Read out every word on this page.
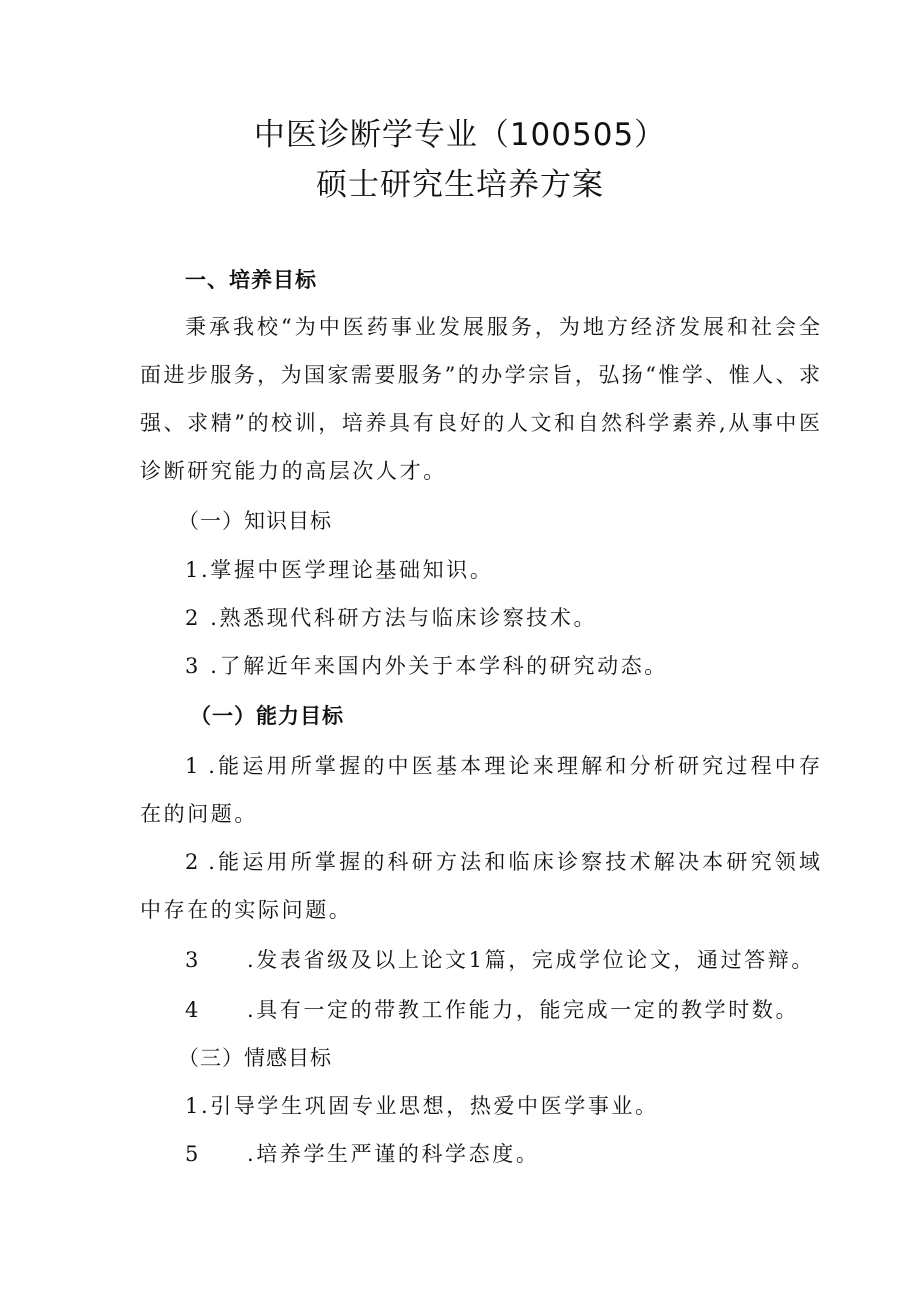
中医诊断学专业（100505）
硕士研究生培养方案
一、培养目标
秉承我校“为中医药事业发展服务，为地方经济发展和社会全
面进步服务，为国家需要服务”的办学宗旨，弘扬“惟学、惟人、求
强、求精”的校训，培养具有良好的人文和自然科学素养,从事中医
诊断研究能力的高层次人才。
（一）知识目标
1.掌握中医学理论基础知识。
2 .熟悉现代科研方法与临床诊察技术。
3 .了解近年来国内外关于本学科的研究动态。
（一）能力目标
1 .能运用所掌握的中医基本理论来理解和分析研究过程中存
在的问题。
2 .能运用所掌握的科研方法和临床诊察技术解决本研究领域
中存在的实际问题。
3 .发表省级及以上论文1篇，完成学位论文，通过答辩。
4 .具有一定的带教工作能力，能完成一定的教学时数。
（三）情感目标
1.引导学生巩固专业思想，热爱中医学事业。
5 .培养学生严谨的科学态度。
